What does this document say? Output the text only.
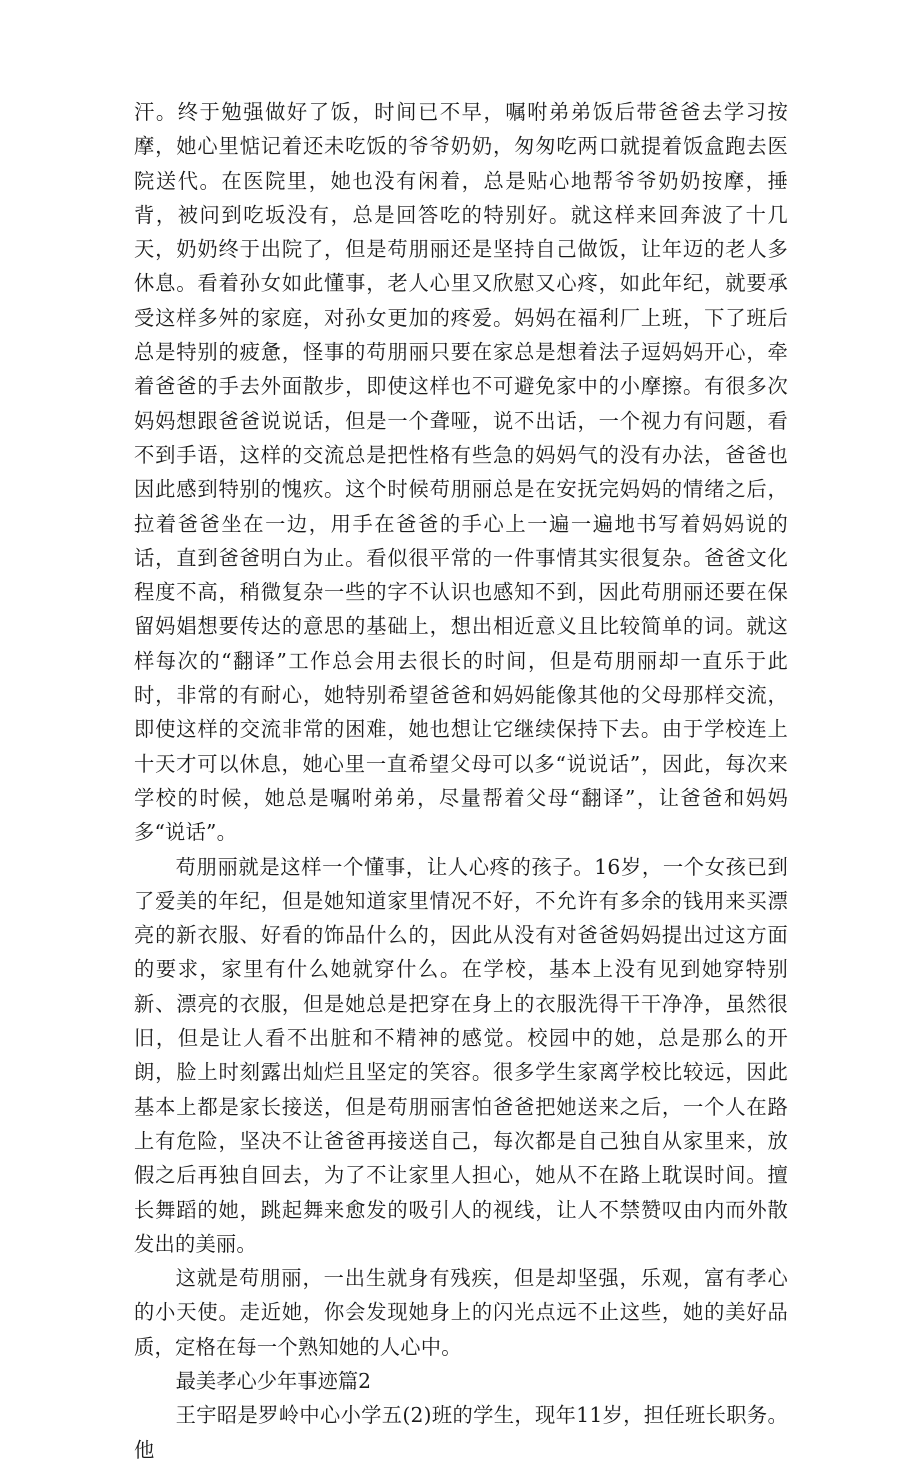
汗。终于勉强做好了饭，时间已不早，嘱咐弟弟饭后带爸爸去学习按摩，她心里惦记着还未吃饭的爷爷奶奶，匆匆吃两口就提着饭盒跑去医院送代。在医院里，她也没有闲着，总是贴心地帮爷爷奶奶按摩，捶背，被问到吃坂没有，总是回答吃的特别好。就这样来回奔波了十几天，奶奶终于出院了，但是苟朋丽还是坚持自己做饭，让年迈的老人多休息。看着孙女如此懂事，老人心里又欣慰又心疼，如此年纪，就要承受这样多舛的家庭，对孙女更加的疼爱。妈妈在福利厂上班，下了班后总是特别的疲惫，怪事的苟朋丽只要在家总是想着法子逗妈妈开心，牵着爸爸的手去外面散步，即使这样也不可避免家中的小摩擦。有很多次妈妈想跟爸爸说说话，但是一个聋哑，说不出话，一个视力有问题，看不到手语，这样的交流总是把性格有些急的妈妈气的没有办法，爸爸也因此感到特别的愧疚。这个时候苟朋丽总是在安抚完妈妈的情绪之后，拉着爸爸坐在一边，用手在爸爸的手心上一遍一遍地书写着妈妈说的话，直到爸爸明白为止。看似很平常的一件事情其实很复杂。爸爸文化程度不高，稍微复杂一些的字不认识也感知不到，因此苟朋丽还要在保留妈娼想要传达的意思的基础上，想出相近意义且比较简单的词。就这样每次的“翻译”工作总会用去很长的时间，但是苟朋丽却一直乐于此时，非常的有耐心，她特别希望爸爸和妈妈能像其他的父母那样交流，即使这样的交流非常的困难，她也想让它继续保持下去。由于学校连上十天才可以休息，她心里一直希望父母可以多“说说话”，因此，每次来学校的时候，她总是嘱咐弟弟，尽量帮着父母“翻译”，让爸爸和妈妈多“说话”。

苟朋丽就是这样一个懂事，让人心疼的孩子。16岁，一个女孩已到了爱美的年纪，但是她知道家里情况不好，不允许有多余的钱用来买漂亮的新衣服、好看的饰品什么的，因此从没有对爸爸妈妈提出过这方面的要求，家里有什么她就穿什么。在学校，基本上没有见到她穿特别新、漂亮的衣服，但是她总是把穿在身上的衣服洗得干干净净，虽然很旧，但是让人看不出脏和不精神的感觉。校园中的她，总是那么的开朗，脸上时刻露出灿烂且坚定的笑容。很多学生家离学校比较远，因此基本上都是家长接送，但是苟朋丽害怕爸爸把她送来之后，一个人在路上有危险，坚决不让爸爸再接送自己，每次都是自己独自从家里来，放假之后再独自回去，为了不让家里人担心，她从不在路上耽误时间。擅长舞蹈的她，跳起舞来愈发的吸引人的视线，让人不禁赞叹由内而外散发出的美丽。

这就是苟朋丽，一出生就身有残疾，但是却坚强，乐观，富有孝心的小天使。走近她，你会发现她身上的闪光点远不止这些，她的美好品质，定格在每一个熟知她的人心中。

最美孝心少年事迹篇2

王宇昭是罗岭中心小学五(2)班的学生，现年11岁，担任班长职务。他
